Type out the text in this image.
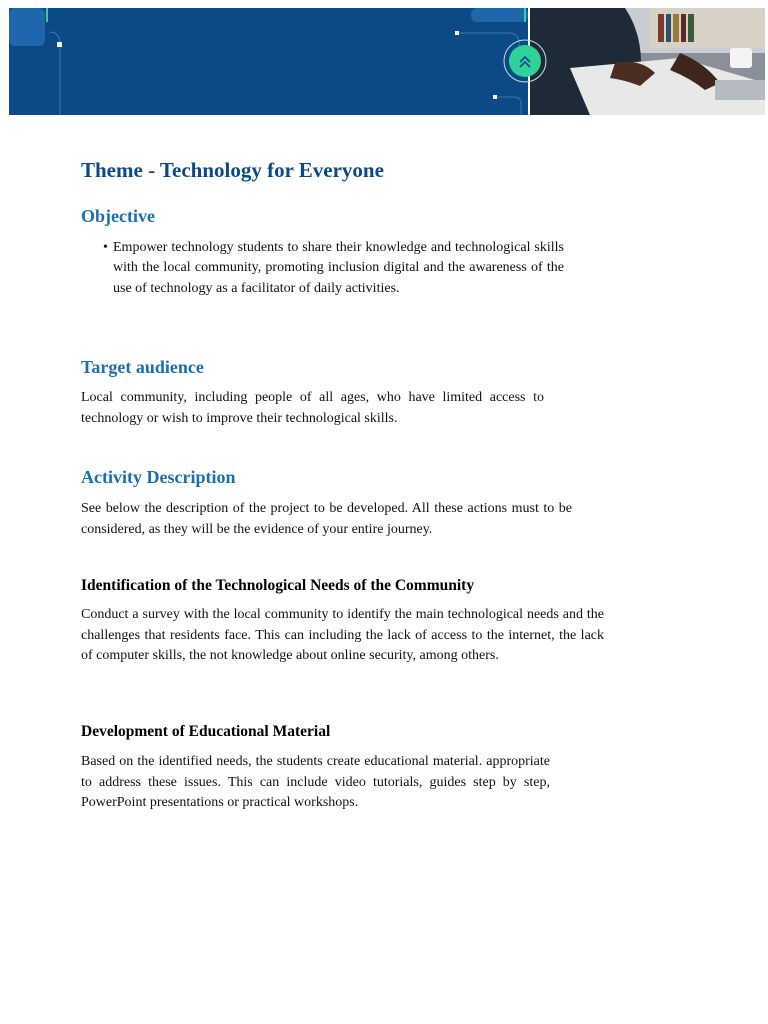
Theme - Technology for Everyone
Objective
• Empower technology students to share their knowledge and technological skills with the local community, promoting inclusion digital and the awareness of the use of technology as a facilitator of daily activities.
Target audience

Local community, including people of all ages, who have limited access to technology or wish to improve their technological skills.

Activity Description

See below the description of the project to be developed. All these actions must to be considered, as they will be the evidence of your entire journey.

Identification of the Technological Needs of the Community

Conduct a survey with the local community to identify the main technological needs and the challenges that residents face. This can including the lack of access to the internet, the lack of computer skills, the not knowledge about online security, among others.

Development of Educational Material

Based on the identified needs, the students create educational material. appropriate to address these issues. This can include video tutorials, guides step by step, PowerPoint presentations or practical workshops.
